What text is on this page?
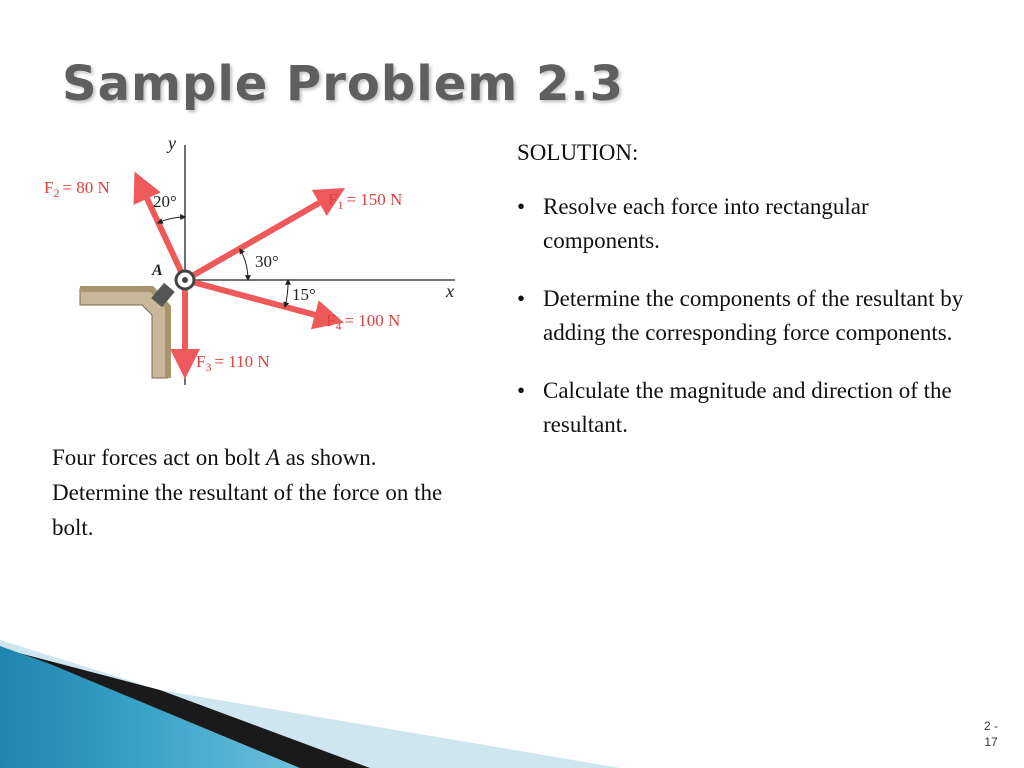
Sample Problem 2.3
y
x
A
20°
30°
15°
$F_1 = 150$ N
$F_2 = 80$ N
$F_3 = 110$ N
$F_4 = 100$ N

Four forces act on bolt A as shown. Determine the resultant of the force on the bolt.

SOLUTION:

• Resolve each force into rectangular components.
• Determine the components of the resultant by adding the corresponding force components.
• Calculate the magnitude and direction of the resultant.
2 - 17
